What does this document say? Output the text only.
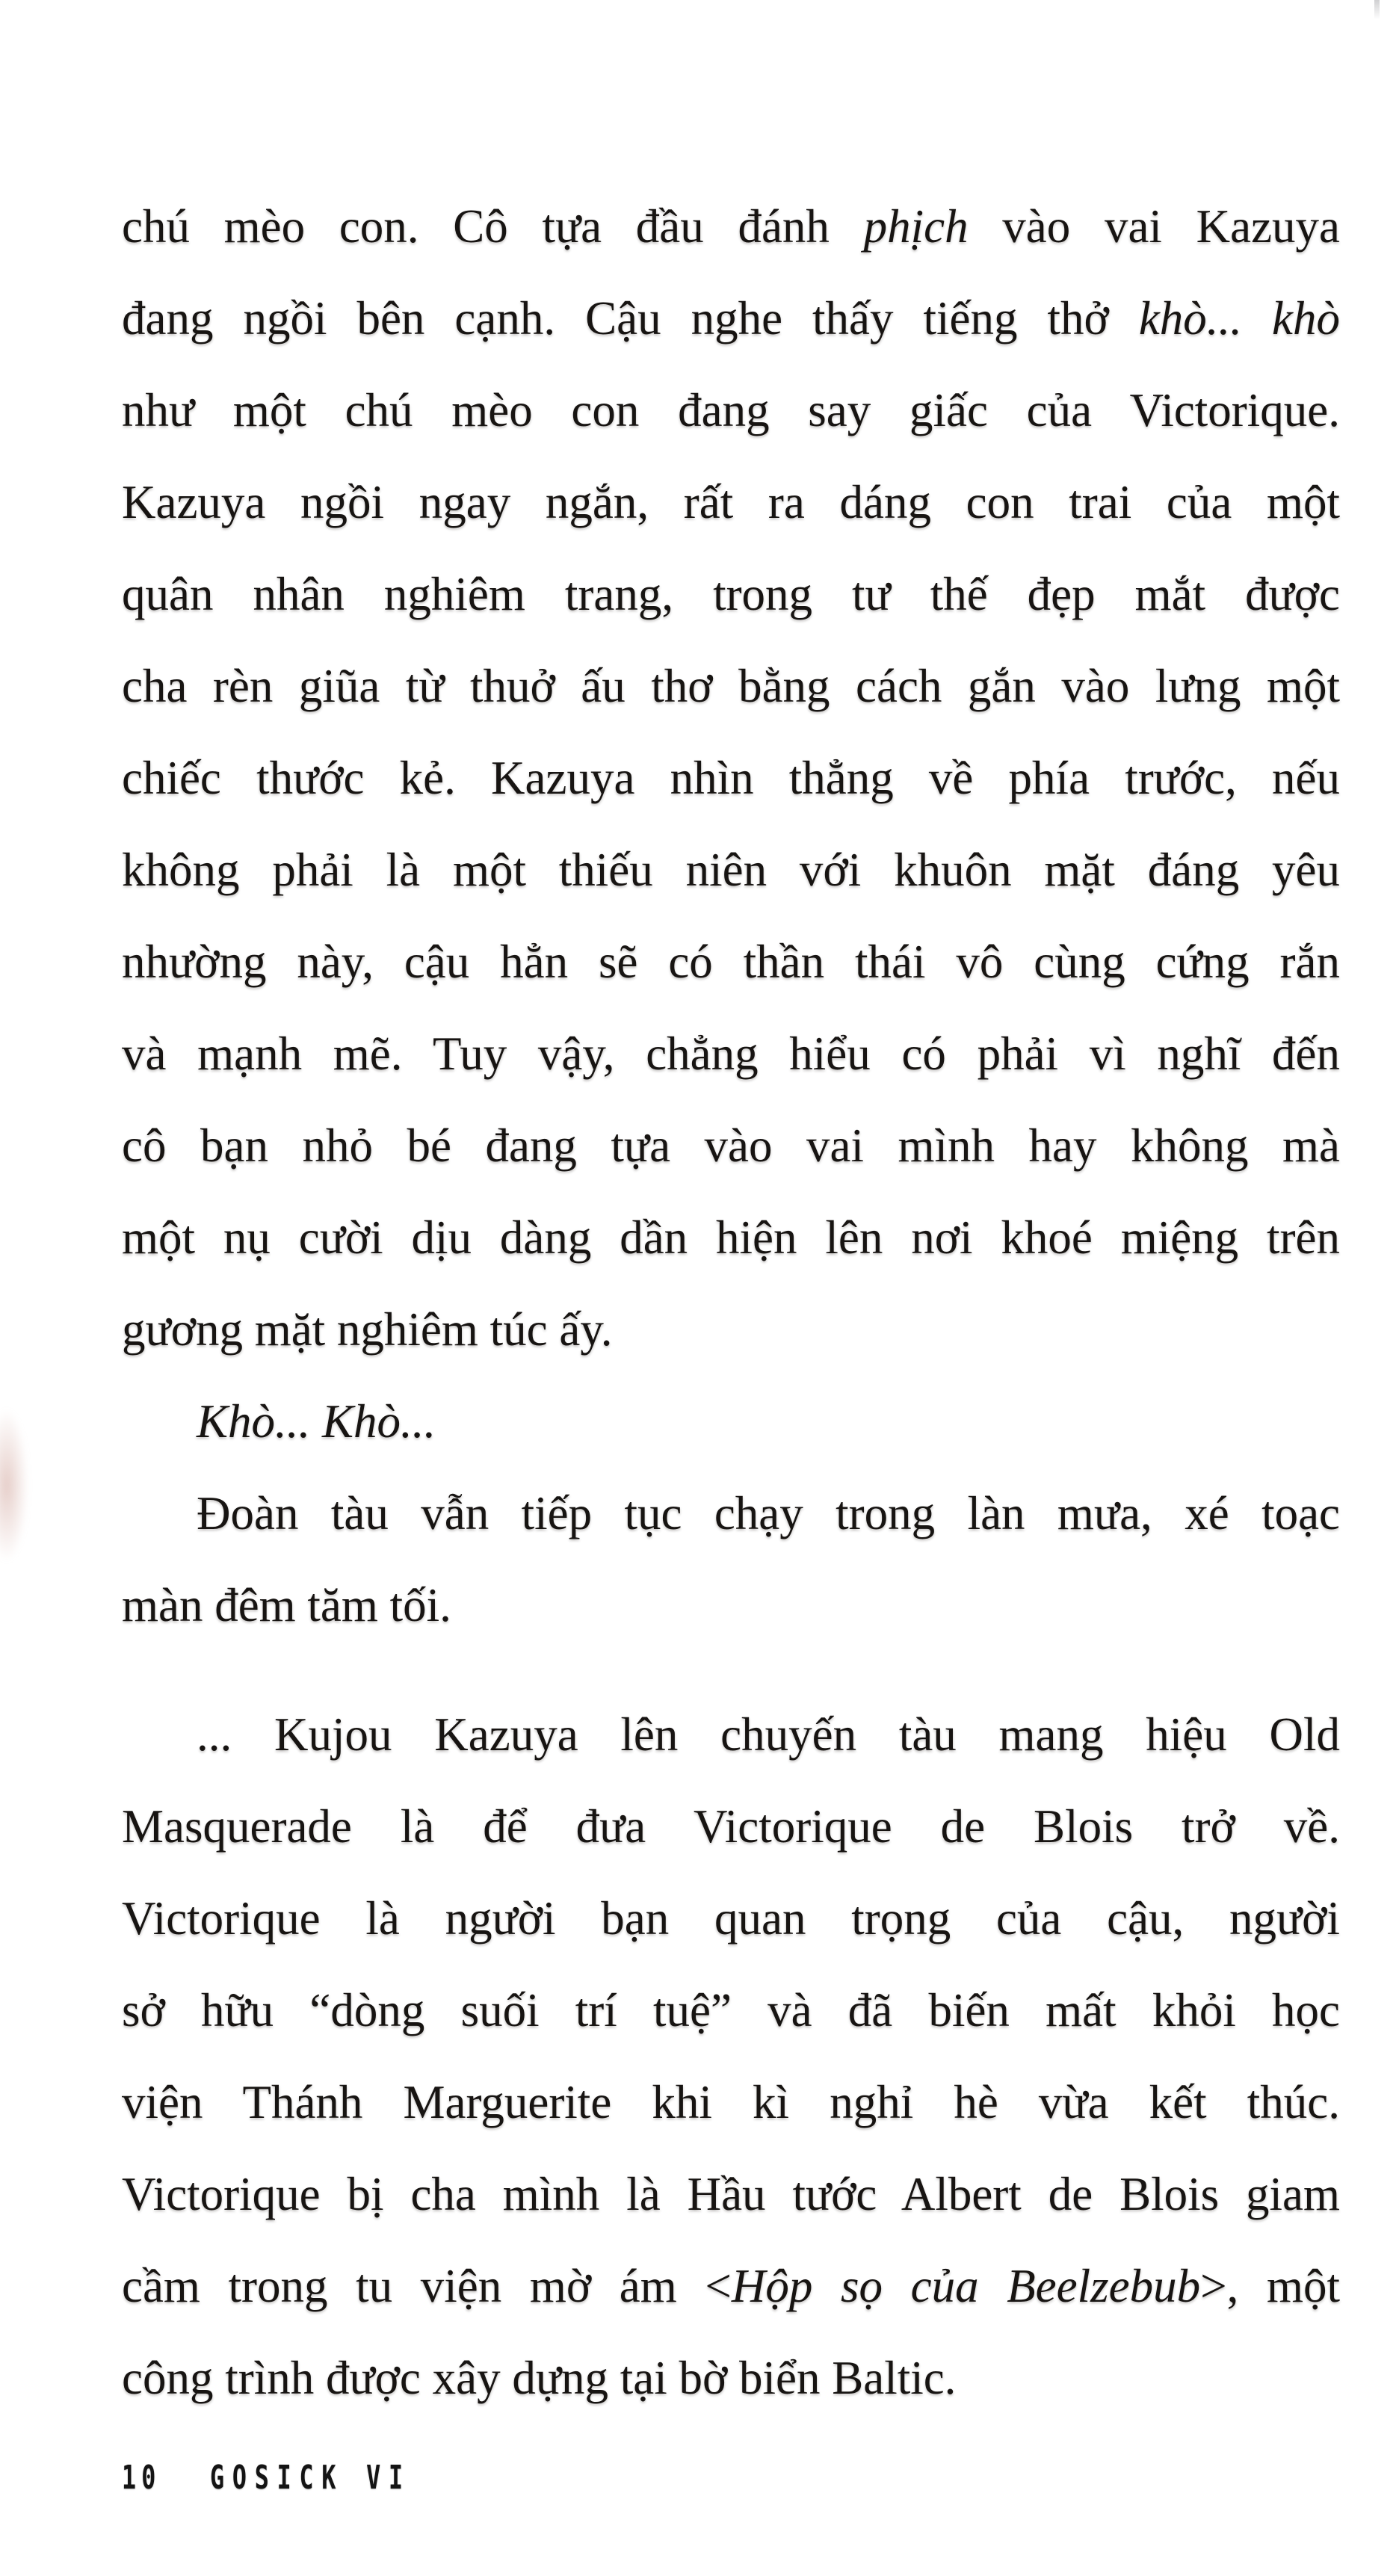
chú mèo con. Cô tựa đầu đánh phịch vào vai Kazuya
đang ngồi bên cạnh. Cậu nghe thấy tiếng thở khò... khò
như một chú mèo con đang say giấc của Victorique.
Kazuya ngồi ngay ngắn, rất ra dáng con trai của một
quân nhân nghiêm trang, trong tư thế đẹp mắt được
cha rèn giũa từ thuở ấu thơ bằng cách gắn vào lưng một
chiếc thước kẻ. Kazuya nhìn thẳng về phía trước, nếu
không phải là một thiếu niên với khuôn mặt đáng yêu
nhường này, cậu hẳn sẽ có thần thái vô cùng cứng rắn
và mạnh mẽ. Tuy vậy, chẳng hiểu có phải vì nghĩ đến
cô bạn nhỏ bé đang tựa vào vai mình hay không mà
một nụ cười dịu dàng dần hiện lên nơi khoé miệng trên
gương mặt nghiêm túc ấy.
Khò... Khò...
Đoàn tàu vẫn tiếp tục chạy trong làn mưa, xé toạc
màn đêm tăm tối.
... Kujou Kazuya lên chuyến tàu mang hiệu Old
Masquerade là để đưa Victorique de Blois trở về.
Victorique là người bạn quan trọng của cậu, người
sở hữu “dòng suối trí tuệ” và đã biến mất khỏi học
viện Thánh Marguerite khi kì nghỉ hè vừa kết thúc.
Victorique bị cha mình là Hầu tước Albert de Blois giam
cầm trong tu viện mờ ám <Hộp sọ của Beelzebub>, một
công trình được xây dựng tại bờ biển Baltic.
10 GOSICK VI
